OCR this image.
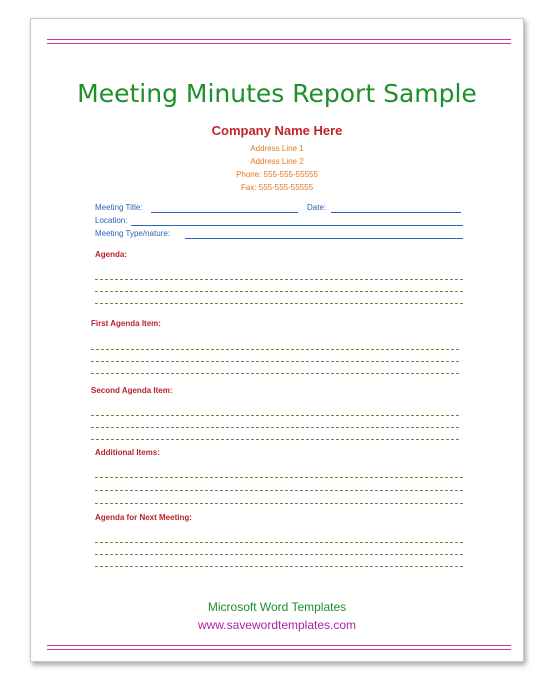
Meeting Minutes Report Sample
Company Name Here
Address Line 1
Address Line 2
Phone: 555-555-55555
Fax: 555-555-55555
Meeting Title:	Date:
Location:
Meeting Type/nature:
Agenda:
First Agenda Item:
Second Agenda Item:
Additional Items:
Agenda for Next Meeting:
Microsoft Word Templates
www.savewordtemplates.com
